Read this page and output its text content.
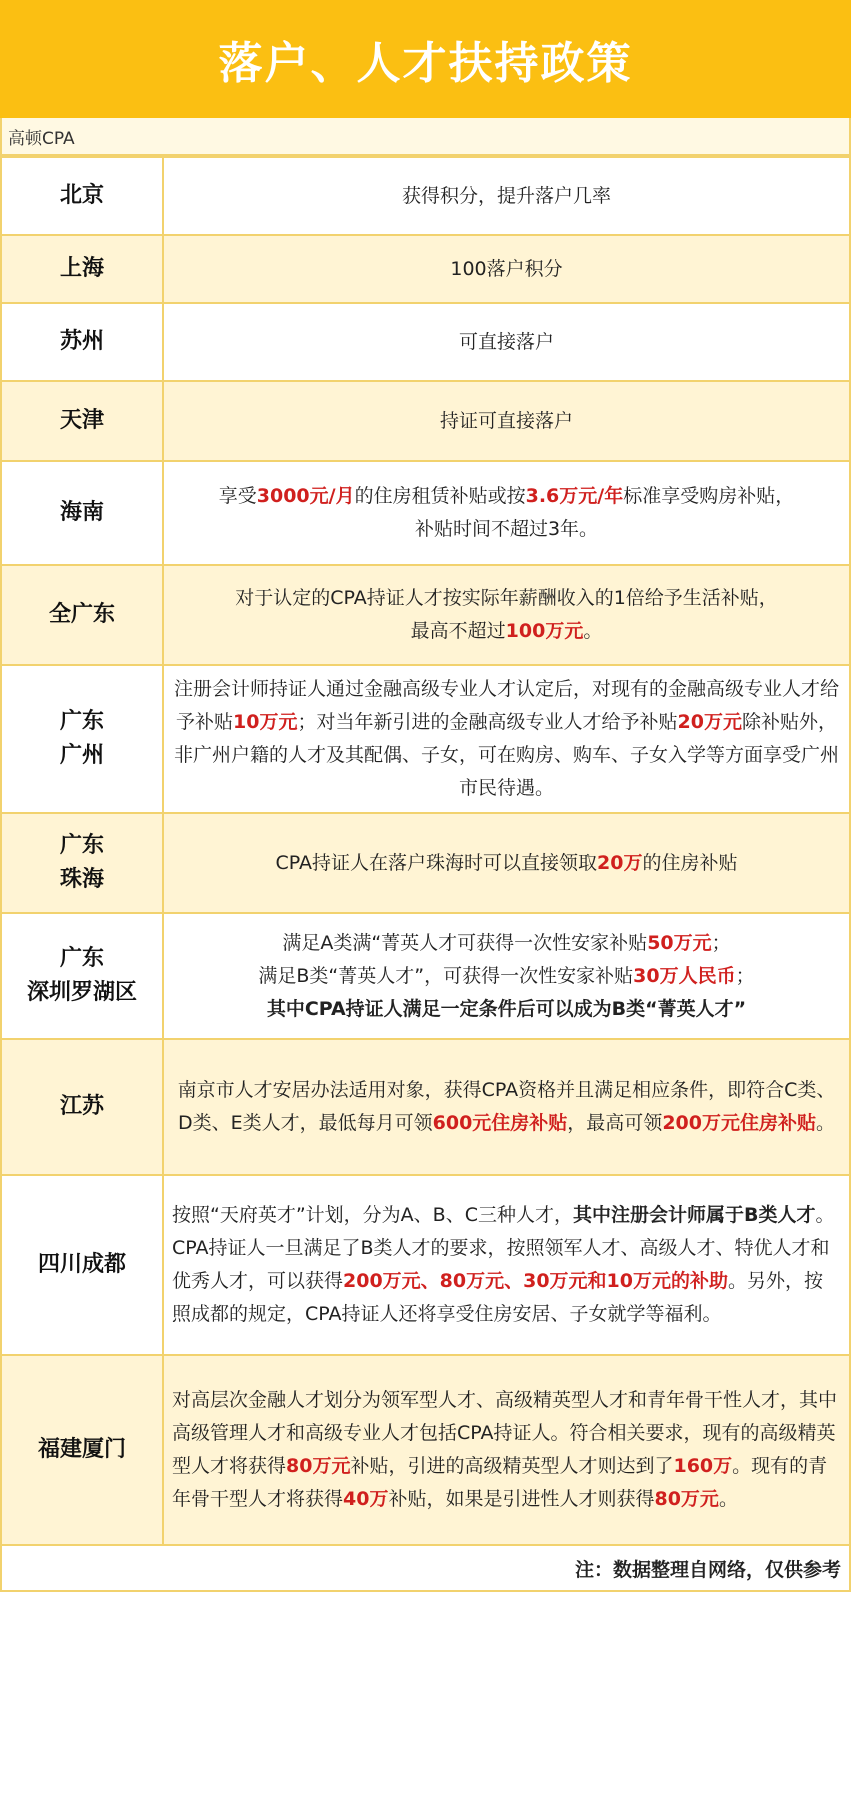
落户、人才扶持政策
高顿CPA
北京	获得积分，提升落户几率
上海	100落户积分
苏州	可直接落户
天津	持证可直接落户
海南	享受3000元/月的住房租赁补贴或按3.6万元/年标准享受购房补贴，
补贴时间不超过3年。
全广东	对于认定的CPA持证人才按实际年薪酬收入的1倍给予生活补贴，
最高不超过100万元。
广东
广州	注册会计师持证人通过金融高级专业人才认定后，对现有的金融高级专业人才给予补贴10万元；对当年新引进的金融高级专业人才给予补贴20万元除补贴外，非广州户籍的人才及其配偶、子女，可在购房、购车、子女入学等方面享受广州市民待遇。
广东
珠海	CPA持证人在落户珠海时可以直接领取20万的住房补贴
广东
深圳罗湖区	满足A类满“菁英人才可获得一次性安家补贴50万元；
满足B类“菁英人才”，可获得一次性安家补贴30万人民币；
其中CPA持证人满足一定条件后可以成为B类“菁英人才”
江苏	南京市人才安居办法适用对象，获得CPA资格并且满足相应条件，即符合C类、D类、E类人才，最低每月可领600元住房补贴，最高可领200万元住房补贴。
四川成都	按照“天府英才”计划，分为A、B、C三种人才，其中注册会计师属于B类人才。CPA持证人一旦满足了B类人才的要求，按照领军人才、高级人才、特优人才和优秀人才，可以获得200万元、80万元、30万元和10万元的补助。另外，按照成都的规定，CPA持证人还将享受住房安居、子女就学等福利。
福建厦门	对高层次金融人才划分为领军型人才、高级精英型人才和青年骨干性人才，其中高级管理人才和高级专业人才包括CPA持证人。符合相关要求，现有的高级精英型人才将获得80万元补贴，引进的高级精英型人才则达到了160万。现有的青年骨干型人才将获得40万补贴，如果是引进性人才则获得80万元。
注：数据整理自网络，仅供参考
